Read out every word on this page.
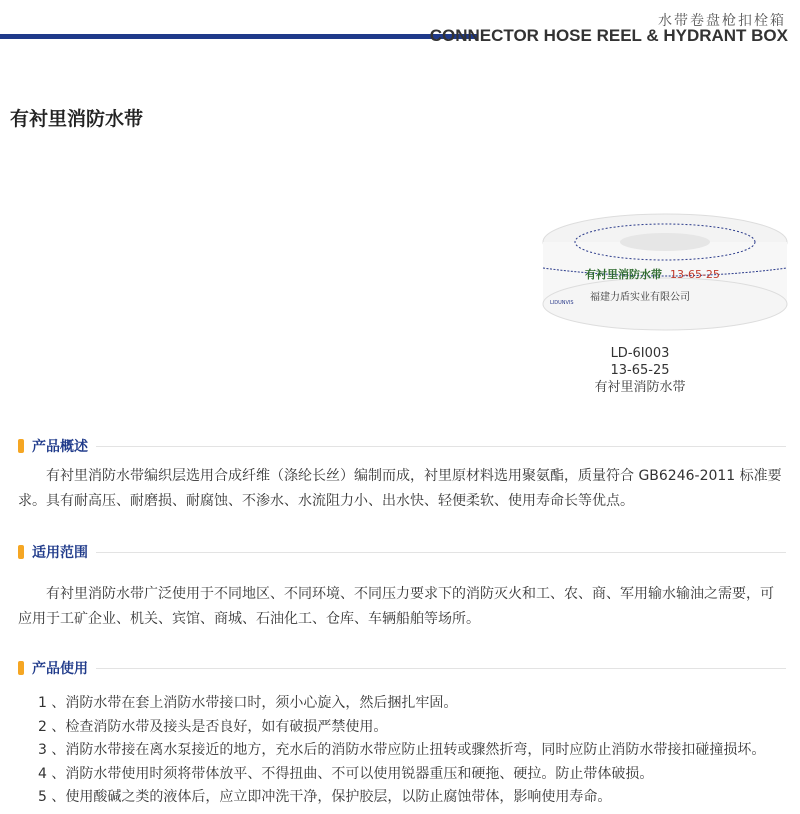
水带卷盘枪扣栓箱
CONNECTOR HOSE REEL & HYDRANT BOX
有衬里消防水带
有衬里消防水带 13-65-25
福建力盾实业有限公司
LIDUNVIS
LD-6I003
13-65-25
有衬里消防水带
产品概述

有衬里消防水带编织层选用合成纤维（涤纶长丝）编制而成，衬里原材料选用聚氨酯，质量符合 GB6246-2011 标准要求。具有耐高压、耐磨损、耐腐蚀、不渗水、水流阻力小、出水快、轻便柔软、使用寿命长等优点。

适用范围

有衬里消防水带广泛使用于不同地区、不同环境、不同压力要求下的消防灭火和工、农、商、军用输水输油之需要，可应用于工矿企业、机关、宾馆、商城、石油化工、仓库、车辆船舶等场所。

产品使用
1 、消防水带在套上消防水带接口时，须小心旋入，然后捆扎牢固。
2 、检查消防水带及接头是否良好，如有破损严禁使用。
3 、消防水带接在离水泵接近的地方，充水后的消防水带应防止扭转或骤然折弯，同时应防止消防水带接扣碰撞损坏。
4 、消防水带使用时须将带体放平、不得扭曲、不可以使用锐器重压和硬拖、硬拉。防止带体破损。
5 、使用酸碱之类的液体后，应立即冲洗干净，保护胶层，以防止腐蚀带体，影响使用寿命。
